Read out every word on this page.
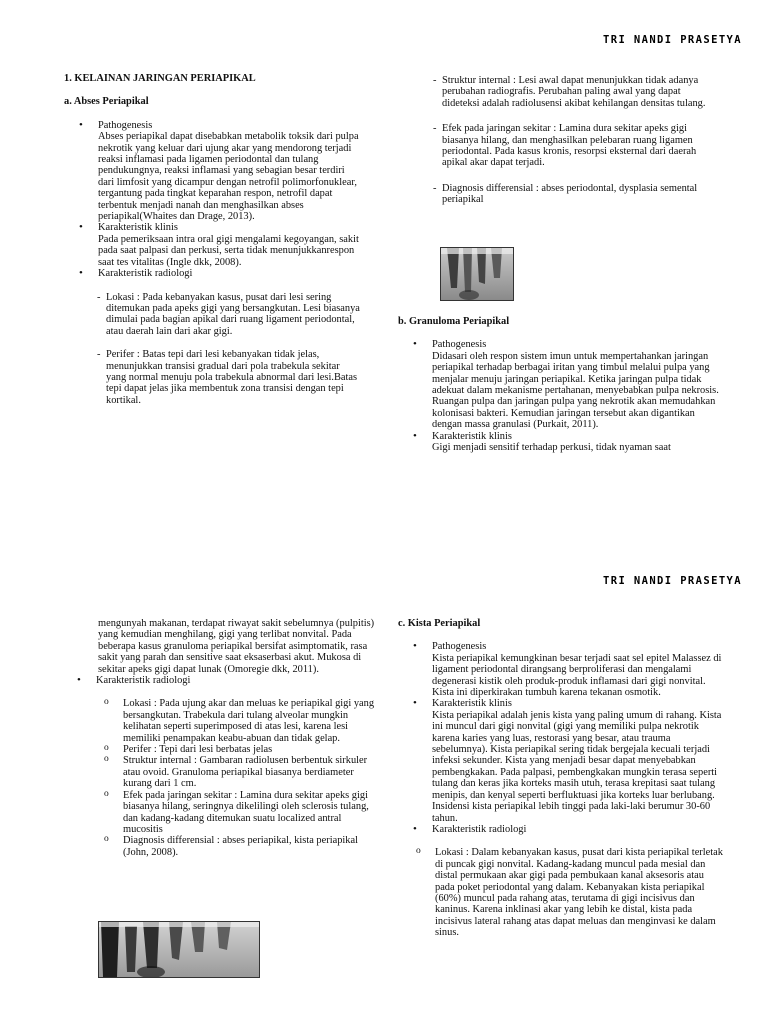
TRI NANDI PRASETYA

1. KELAINAN JARINGAN PERIAPIKAL

a. Abses Periapikal

• Pathogenesis
Abses periapikal dapat disebabkan metabolik toksik dari pulpa nekrotik yang keluar dari ujung akar yang mendorong terjadi reaksi inflamasi pada ligamen periodontal dan tulang pendukungnya, reaksi inflamasi yang sebagian besar terdiri dari limfosit yang dicampur dengan netrofil polimorfonuklear, tergantung pada tingkat keparahan respon, netrofil dapat terbentuk menjadi nanah dan menghasilkan abses periapikal(Whaites dan Drage, 2013).
• Karakteristik klinis
Pada pemeriksaan intra oral gigi mengalami kegoyangan, sakit pada saat palpasi dan perkusi, serta tidak menunjukkanrespon saat tes vitalitas (Ingle dkk, 2008).
• Karakteristik radiologi
- Lokasi : Pada kebanyakan kasus, pusat dari lesi sering ditemukan pada apeks gigi yang bersangkutan. Lesi biasanya dimulai pada bagian apikal dari ruang ligament periodontal, atau daerah lain dari akar gigi.
- Perifer : Batas tepi dari lesi kebanyakan tidak jelas, menunjukkan transisi gradual dari pola trabekula sekitar yang normal menuju pola trabekula abnormal dari lesi.Batas tepi dapat jelas jika membentuk zona transisi dengan tepi kortikal.
- Struktur internal : Lesi awal dapat menunjukkan tidak adanya perubahan radiografis. Perubahan paling awal yang dapat dideteksi adalah radiolusensi akibat kehilangan densitas tulang.
- Efek pada jaringan sekitar : Lamina dura sekitar apeks gigi biasanya hilang, dan menghasilkan pelebaran ruang ligamen periodontal. Pada kasus kronis, resorpsi eksternal dari daerah apikal akar dapat terjadi.
- Diagnosis differensial : abses periodontal, dysplasia semental periapikal

b. Granuloma Periapikal

• Pathogenesis
Didasari oleh respon sistem imun untuk mempertahankan jaringan periapikal terhadap berbagai iritan yang timbul melalui pulpa yang menjalar menuju jaringan periapikal. Ketika jaringan pulpa tidak adekuat dalam mekanisme pertahanan, menyebabkan pulpa nekrosis. Ruangan pulpa dan jaringan pulpa yang nekrotik akan memudahkan kolonisasi bakteri. Kemudian jaringan tersebut akan digantikan dengan massa granulasi (Purkait, 2011).
• Karakteristik klinis
Gigi menjadi sensitif terhadap perkusi, tidak nyaman saat
TRI NANDI PRASETYA
mengunyah makanan, terdapat riwayat sakit sebelumnya (pulpitis) yang kemudian menghilang, gigi yang terlibat nonvital. Pada beberapa kasus granuloma periapikal bersifat asimptomatik, rasa sakit yang parah dan sensitive saat eksaserbasi akut. Mukosa di sekitar apeks gigi dapat lunak (Omoregie dkk, 2011).
• Karakteristik radiologi
o Lokasi : Pada ujung akar dan meluas ke periapikal gigi yang bersangkutan. Trabekula dari tulang alveolar mungkin kelihatan seperti superimposed di atas lesi, karena lesi memiliki penampakan keabu-abuan dan tidak gelap.
o Perifer : Tepi dari lesi berbatas jelas
o Struktur internal : Gambaran radiolusen berbentuk sirkuler atau ovoid. Granuloma periapikal biasanya berdiameter kurang dari 1 cm.
o Efek pada jaringan sekitar : Lamina dura sekitar apeks gigi biasanya hilang, seringnya dikelilingi oleh sclerosis tulang, dan kadang-kadang ditemukan suatu localized antral mucositis
o Diagnosis differensial : abses periapikal, kista periapikal (John, 2008).

c. Kista Periapikal

• Pathogenesis
Kista periapikal kemungkinan besar terjadi saat sel epitel Malassez di ligament periodontal dirangsang berproliferasi dan mengalami degenerasi kistik oleh produk-produk inflamasi dari gigi nonvital. Kista ini diperkirakan tumbuh karena tekanan osmotik.
• Karakteristik klinis
Kista periapikal adalah jenis kista yang paling umum di rahang. Kista ini muncul dari gigi nonvital (gigi yang memiliki pulpa nekrotik karena karies yang luas, restorasi yang besar, atau trauma sebelumnya). Kista periapikal sering tidak bergejala kecuali terjadi infeksi sekunder. Kista yang menjadi besar dapat menyebabkan pembengkakan. Pada palpasi, pembengkakan mungkin terasa seperti tulang dan keras jika korteks masih utuh, terasa krepitasi saat tulang menipis, dan kenyal seperti berfluktuasi jika korteks luar berlubang. Insidensi kista periapikal lebih tinggi pada laki-laki berumur 30-60 tahun.
• Karakteristik radiologi
o Lokasi : Dalam kebanyakan kasus, pusat dari kista periapikal terletak di puncak gigi nonvital. Kadang-kadang muncul pada mesial dan distal permukaan akar gigi pada pembukaan kanal aksesoris atau pada poket periodontal yang dalam. Kebanyakan kista periapikal (60%) muncul pada rahang atas, terutama di gigi incisivus dan kaninus. Karena inklinasi akar yang lebih ke distal, kista pada incisivus lateral rahang atas dapat meluas dan menginvasi ke dalam sinus.
